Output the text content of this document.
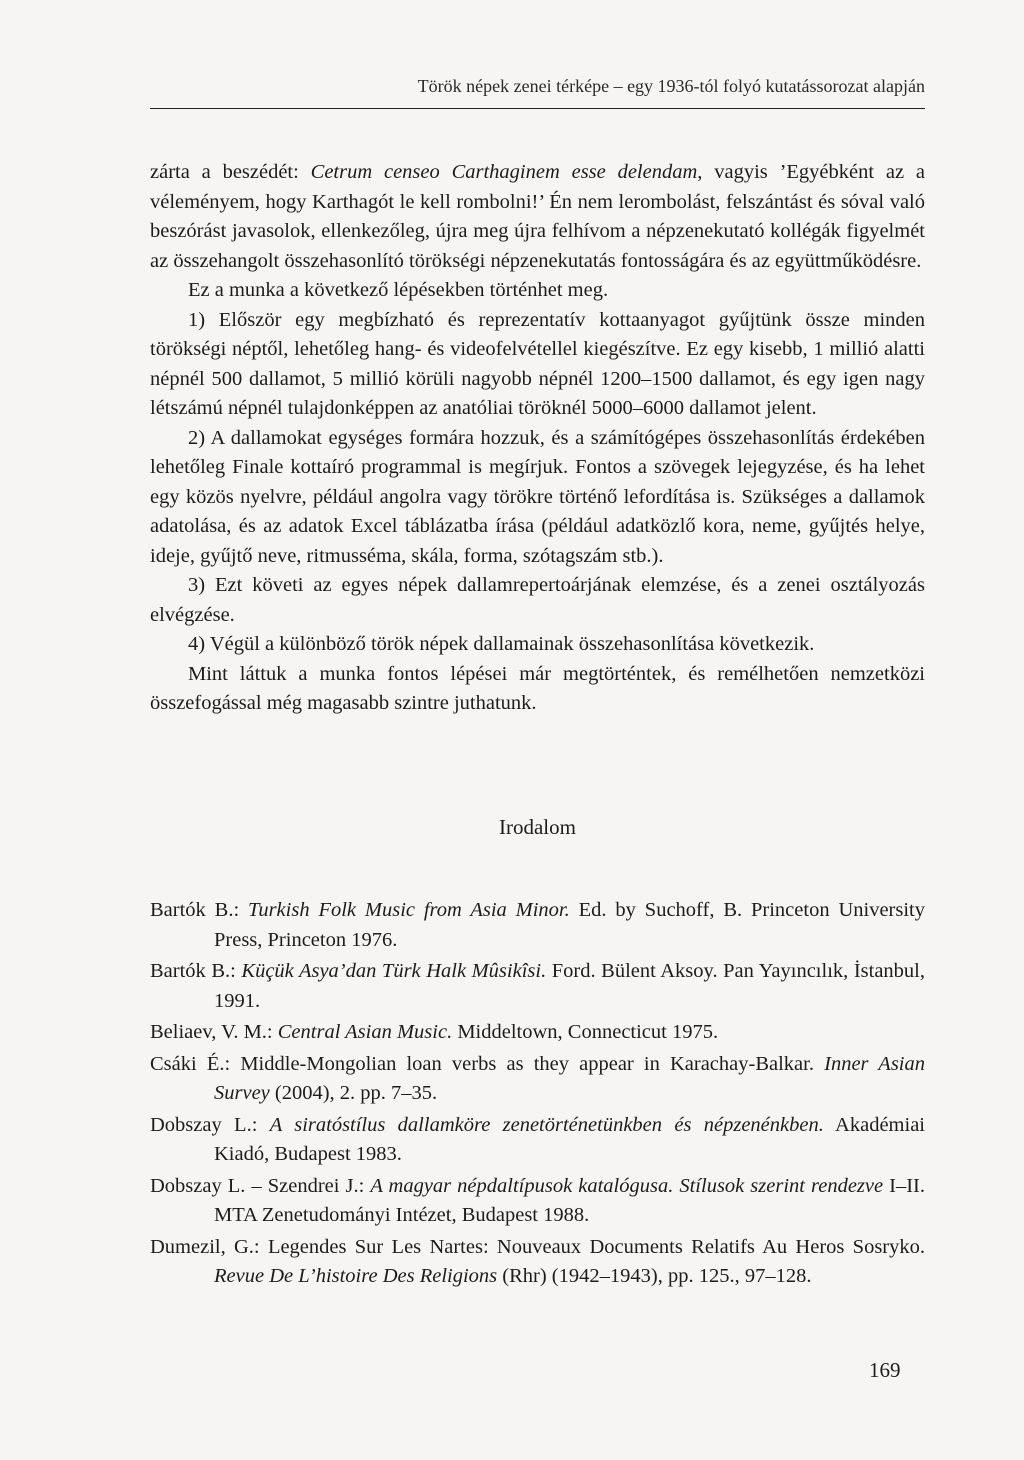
Török népek zenei térképe – egy 1936-tól folyó kutatássorozat alapján

zárta a beszédét: Cetrum censeo Carthaginem esse delendam, vagyis ’Egyébként az a véleményem, hogy Karthagót le kell rombolni!’ Én nem lerombolást, felszántást és sóval való beszórást javasolok, ellenkezőleg, újra meg újra felhívom a népzenekutató kollégák figyelmét az összehangolt összehasonlító törökségi népzenekutatás fontosságára és az együttműködésre.

Ez a munka a következő lépésekben történhet meg.

1) Először egy megbízható és reprezentatív kottaanyagot gyűjtünk össze minden törökségi néptől, lehetőleg hang- és videofelvétellel kiegészítve. Ez egy kisebb, 1 millió alatti népnél 500 dallamot, 5 millió körüli nagyobb népnél 1200–1500 dallamot, és egy igen nagy létszámú népnél tulajdonképpen az anatóliai töröknél 5000–6000 dallamot jelent.

2) A dallamokat egységes formára hozzuk, és a számítógépes összehasonlítás érdekében lehetőleg Finale kottaíró programmal is megírjuk. Fontos a szövegek lejegyzése, és ha lehet egy közös nyelvre, például angolra vagy törökre történő lefordítása is. Szükséges a dallamok adatolása, és az adatok Excel táblázatba írása (például adatközlő kora, neme, gyűjtés helye, ideje, gyűjtő neve, ritmusséma, skála, forma, szótagszám stb.).

3) Ezt követi az egyes népek dallamrepertoárjának elemzése, és a zenei osztályozás elvégzése.

4) Végül a különböző török népek dallamainak összehasonlítása következik.

Mint láttuk a munka fontos lépései már megtörténtek, és remélhetően nemzetközi összefogással még magasabb szintre juthatunk.

Irodalom
Bartók B.: Turkish Folk Music from Asia Minor. Ed. by Suchoff, B. Princeton University Press, Princeton 1976.
Bartók B.: Küçük Asya’dan Türk Halk Mûsikîsi. Ford. Bülent Aksoy. Pan Yayıncılık, İstanbul, 1991.
Beliaev, V. M.: Central Asian Music. Middeltown, Connecticut 1975.
Csáki É.: Middle-Mongolian loan verbs as they appear in Karachay-Balkar. Inner Asian Survey (2004), 2. pp. 7–35.
Dobszay L.: A siratóstílus dallamköre zenetörténetünkben és népzenénkben. Akadémiai Kiadó, Budapest 1983.
Dobszay L. – Szendrei J.: A magyar népdaltípusok katalógusa. Stílusok szerint rendezve I–II. MTA Zenetudományi Intézet, Budapest 1988.
Dumezil, G.: Legendes Sur Les Nartes: Nouveaux Documents Relatifs Au Heros Sosryko. Revue De L’histoire Des Religions (Rhr) (1942–1943), pp. 125., 97–128.
169
